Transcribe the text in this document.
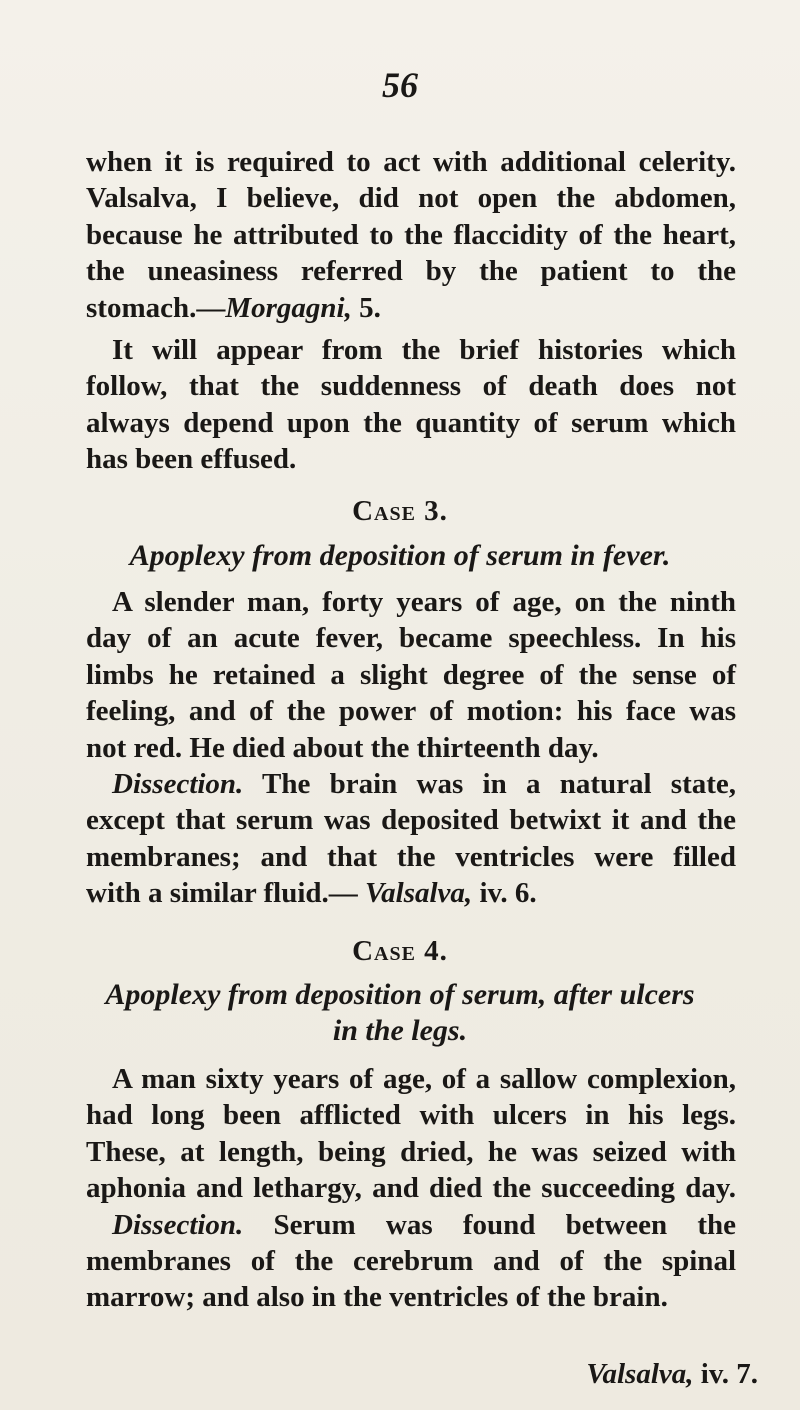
56

when it is required to act with additional celerity.
Valsalva, I believe, did not open the abdomen,
because he attributed to the flaccidity of the heart,
the uneasiness referred by the patient to the
stomach.—Morgagni, 5.

It will appear from the brief histories which
follow, that the suddenness of death does not
always depend upon the quantity of serum which
has been effused.

Case 3.
Apoplexy from deposition of serum in fever.

A slender man, forty years of age, on the ninth
day of an acute fever, became speechless. In his
limbs he retained a slight degree of the sense of
feeling, and of the power of motion: his face was
not red. He died about the thirteenth day.

Dissection. The brain was in a natural state,
except that serum was deposited betwixt it and the
membranes; and that the ventricles were filled
with a similar fluid.— Valsalva, iv. 6.

Case 4.
Apoplexy from deposition of serum, after ulcers
in the legs.

A man sixty years of age, of a sallow complexion,
had long been afflicted with ulcers in his legs.
These, at length, being dried, he was seized with
aphonia and lethargy, and died the succeeding day.

Dissection. Serum was found between the
membranes of the cerebrum and of the spinal
marrow; and also in the ventricles of the brain.

Valsalva, iv. 7.
